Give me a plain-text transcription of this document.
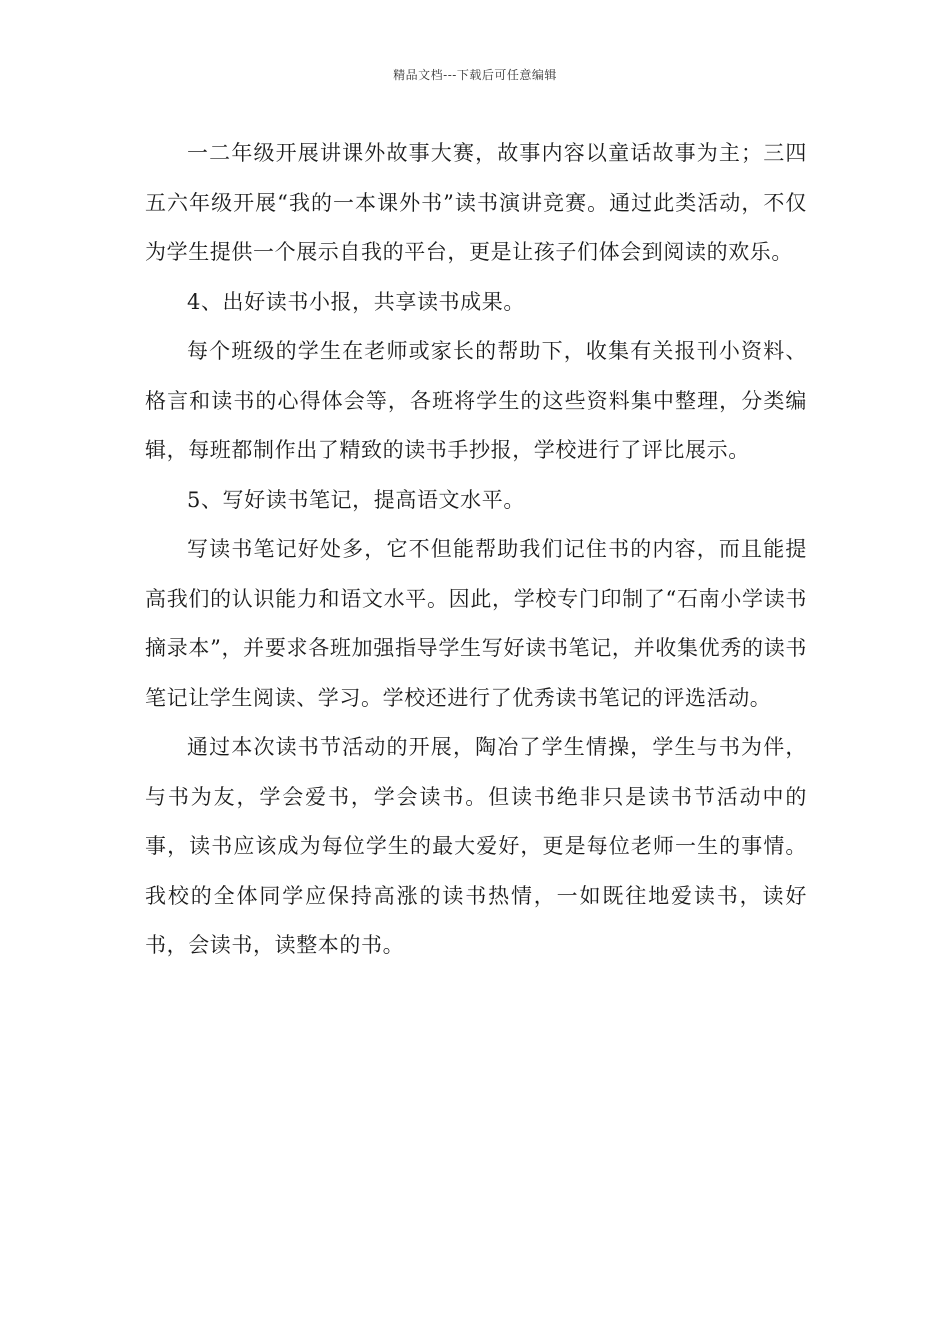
精品文档---下载后可任意编辑

一二年级开展讲课外故事大赛，故事内容以童话故事为主；三四五六年级开展“我的一本课外书”读书演讲竞赛。通过此类活动，不仅为学生提供一个展示自我的平台，更是让孩子们体会到阅读的欢乐。

4、出好读书小报，共享读书成果。

每个班级的学生在老师或家长的帮助下，收集有关报刊小资料、格言和读书的心得体会等，各班将学生的这些资料集中整理，分类编辑，每班都制作出了精致的读书手抄报，学校进行了评比展示。

5、写好读书笔记，提高语文水平。

写读书笔记好处多，它不但能帮助我们记住书的内容，而且能提高我们的认识能力和语文水平。因此，学校专门印制了“石南小学读书摘录本”，并要求各班加强指导学生写好读书笔记，并收集优秀的读书笔记让学生阅读、学习。学校还进行了优秀读书笔记的评选活动。

通过本次读书节活动的开展，陶冶了学生情操，学生与书为伴，与书为友，学会爱书，学会读书。但读书绝非只是读书节活动中的事，读书应该成为每位学生的最大爱好，更是每位老师一生的事情。我校的全体同学应保持高涨的读书热情，一如既往地爱读书，读好书，会读书，读整本的书。
